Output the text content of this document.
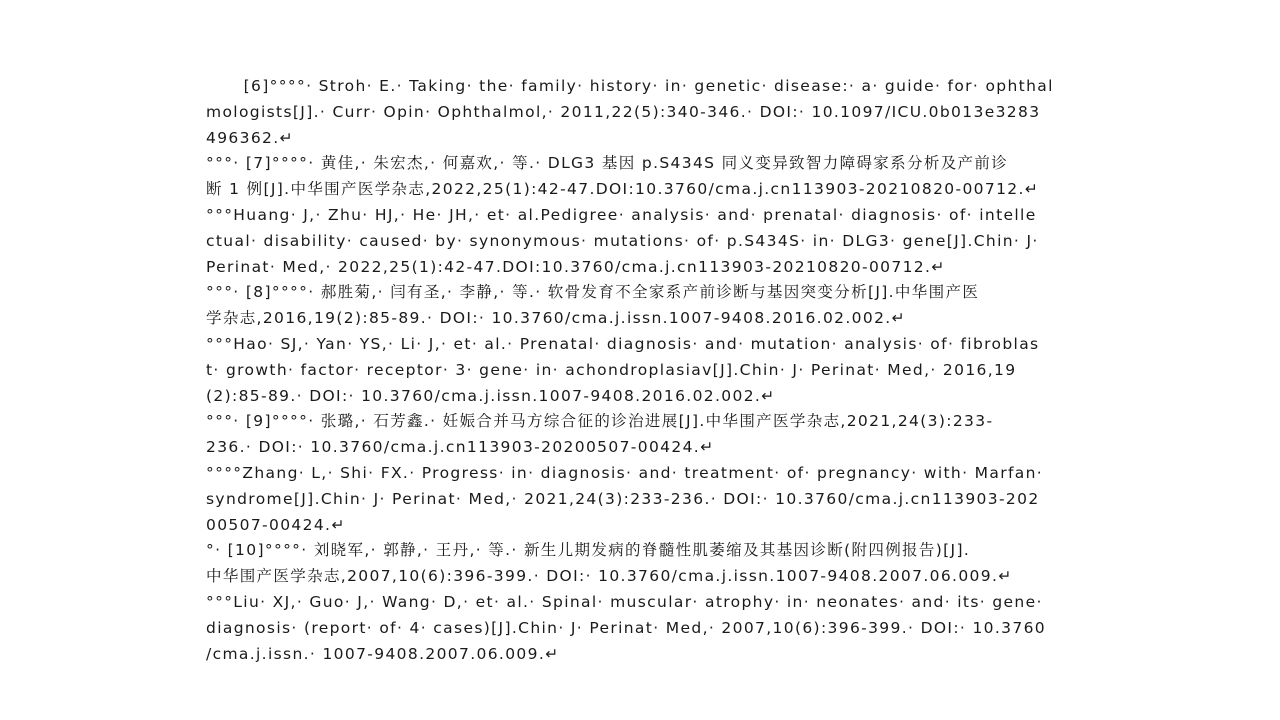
[6]°°°°· Stroh· E.· Taking· the· family· history· in· genetic· disease:· a· guide· for· ophthal
mologists[J].· Curr· Opin· Ophthalmol,· 2011,22(5):340-346.· DOI:· 10.1097/ICU.0b013e3283
496362.↵
°°°· [7]°°°°· 黄佳,· 朱宏杰,· 何嘉欢,· 等.· DLG3 基因 p.S434S 同义变异致智力障碍家系分析及产前诊
断 1 例[J].中华围产医学杂志,2022,25(1):42-47.DOI:10.3760/cma.j.cn113903-20210820-00712.↵
°°°Huang· J,· Zhu· HJ,· He· JH,· et· al.Pedigree· analysis· and· prenatal· diagnosis· of· intelle
ctual· disability· caused· by· synonymous· mutations· of· p.S434S· in· DLG3· gene[J].Chin· J·
Perinat· Med,· 2022,25(1):42-47.DOI:10.3760/cma.j.cn113903-20210820-00712.↵
°°°· [8]°°°°· 郝胜菊,· 闫有圣,· 李静,· 等.· 软骨发育不全家系产前诊断与基因突变分析[J].中华围产医
学杂志,2016,19(2):85-89.· DOI:· 10.3760/cma.j.issn.1007-9408.2016.02.002.↵
°°°Hao· SJ,· Yan· YS,· Li· J,· et· al.· Prenatal· diagnosis· and· mutation· analysis· of· fibroblas
t· growth· factor· receptor· 3· gene· in· achondroplasiav[J].Chin· J· Perinat· Med,· 2016,19
(2):85-89.· DOI:· 10.3760/cma.j.issn.1007-9408.2016.02.002.↵
°°°· [9]°°°°· 张璐,· 石芳鑫.· 妊娠合并马方综合征的诊治进展[J].中华围产医学杂志,2021,24(3):233-
236.· DOI:· 10.3760/cma.j.cn113903-20200507-00424.↵
°°°°Zhang· L,· Shi· FX.· Progress· in· diagnosis· and· treatment· of· pregnancy· with· Marfan·
syndrome[J].Chin· J· Perinat· Med,· 2021,24(3):233-236.· DOI:· 10.3760/cma.j.cn113903-202
00507-00424.↵
°· [10]°°°°· 刘晓军,· 郭静,· 王丹,· 等.· 新生儿期发病的脊髓性肌萎缩及其基因诊断(附四例报告)[J].
中华围产医学杂志,2007,10(6):396-399.· DOI:· 10.3760/cma.j.issn.1007-9408.2007.06.009.↵
°°°Liu· XJ,· Guo· J,· Wang· D,· et· al.· Spinal· muscular· atrophy· in· neonates· and· its· gene·
diagnosis· (report· of· 4· cases)[J].Chin· J· Perinat· Med,· 2007,10(6):396-399.· DOI:· 10.3760
/cma.j.issn.· 1007-9408.2007.06.009.↵
